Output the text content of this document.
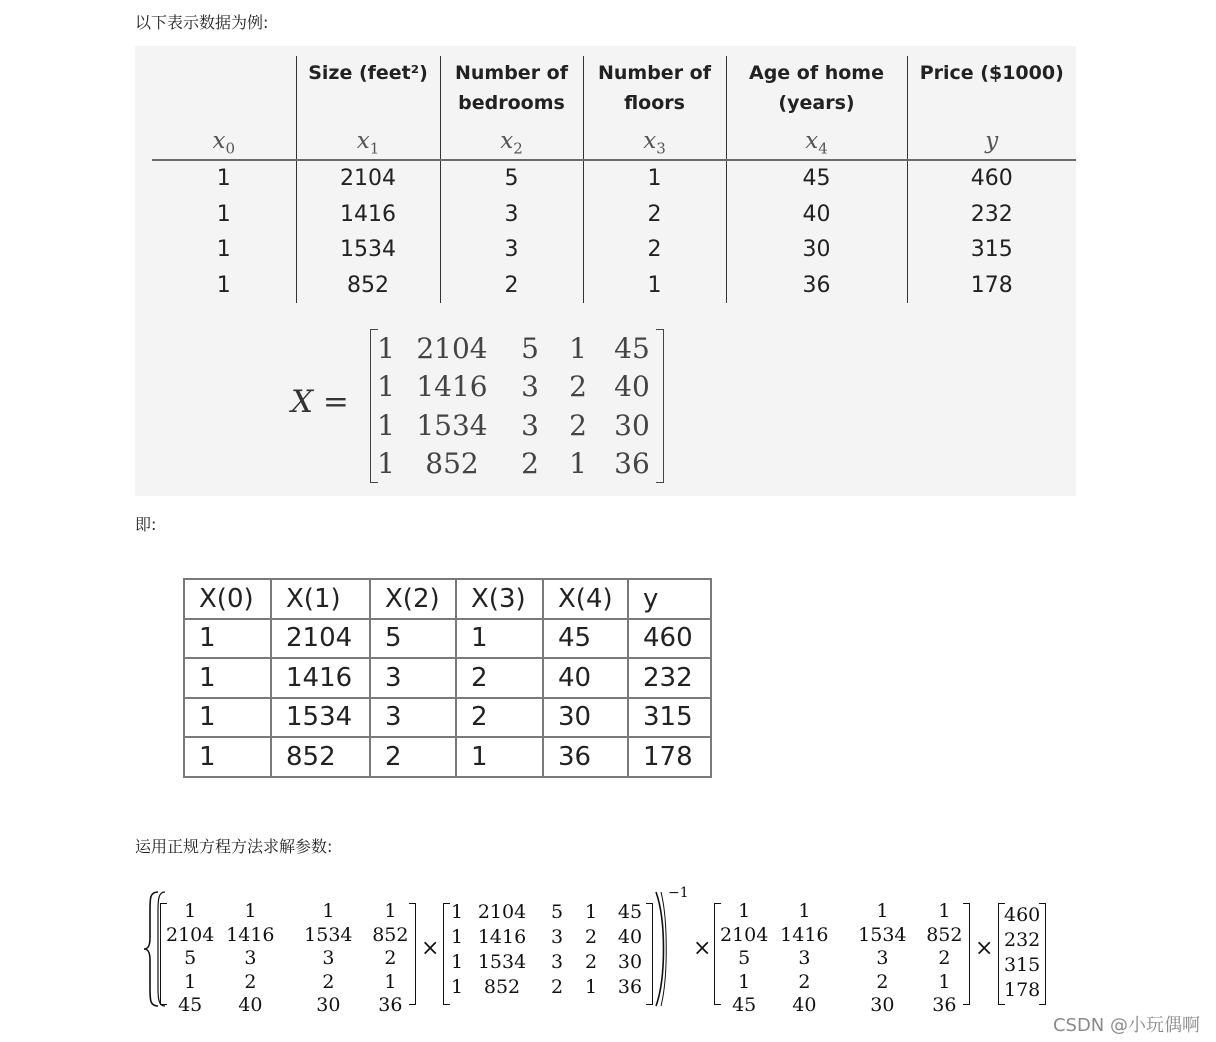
以下表示数据为例:
	Size (feet²)	Number of bedrooms	Number of floors	Age of home (years)	Price ($1000)
$x_0$	$x_1$	$x_2$	$x_3$	$x_4$	y
1	2104	5	1	45	460
1	1416	3	2	40	232
1	1534	3	2	30	315
1	852	2	1	36	178
X =
1	2104	5	1	45
1	1416	3	2	40
1	1534	3	2	30
1	852	2	1	36
即:
X(0)	X(1)	X(2)	X(3)	X(4)	y
1	2104	5	1	45	460
1	1416	3	2	40	232
1	1534	3	2	30	315
1	852	2	1	36	178
运用正规方程方法求解参数:
1	1	1	1
2104	1416	1534	852
5	3	3	2
1	2	2	1
45	40	30	36
×
1	2104	5	1	45
1	1416	3	2	40
1	1534	3	2	30
1	852	2	1	36
−1
×
1	1	1	1
2104	1416	1534	852
5	3	3	2
1	2	2	1
45	40	30	36
×
460
232
315
178
CSDN @小玩偶啊
